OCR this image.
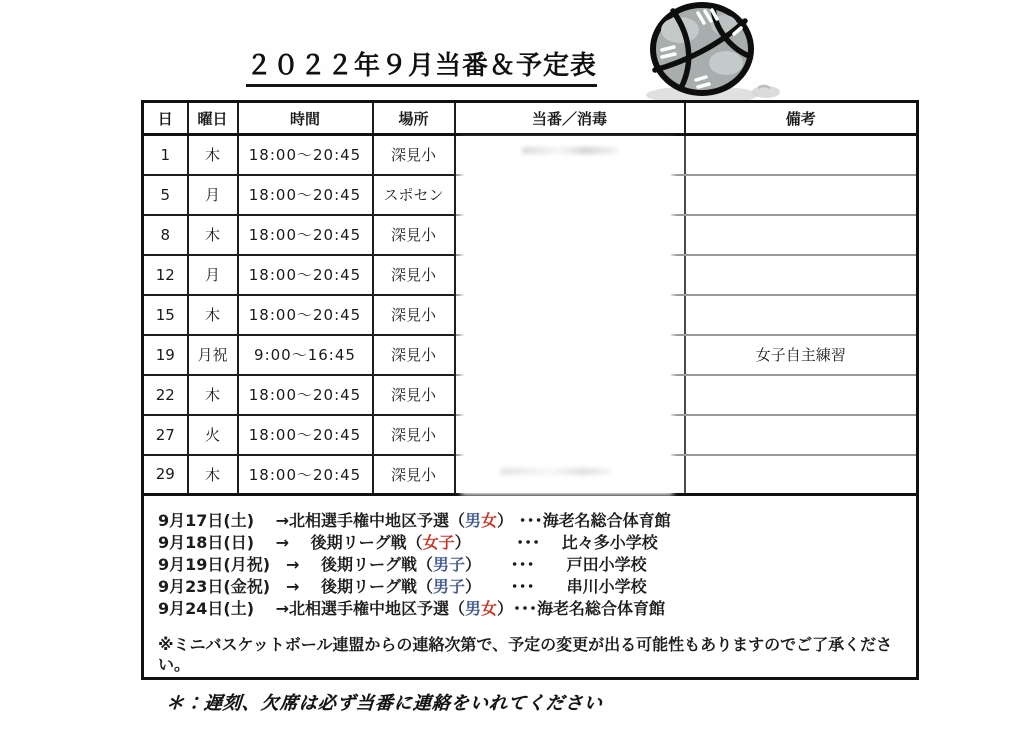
２０２２年９月当番＆予定表
日	曜日	時間	場所	当番／消毒	備考
1	木	18:00～20:45	深見小		
5	月	18:00～20:45	スポセン		
8	木	18:00～20:45	深見小		
12	月	18:00～20:45	深見小		
15	木	18:00～20:45	深見小		
19	月祝	9:00～16:45	深見小		女子自主練習
22	木	18:00～20:45	深見小		
27	火	18:00～20:45	深見小		
29	木	18:00～20:45	深見小		

9月17日(土)　 →北相選手権中地区予選（男女） ･･･海老名総合体育館
9月18日(日)　 →　 後期リーグ戦（女子）　　　 ･･･　 比々多小学校
9月19日(月祝)　→　 後期リーグ戦（男子）　　 ･･･　　戸田小学校
9月23日(金祝)　→　 後期リーグ戦（男子）　　 ･･･　　串川小学校
9月24日(土)　 →北相選手権中地区予選（男女）･･･海老名総合体育館
※ミニバスケットボール連盟からの連絡次第で、予定の変更が出る可能性もありますのでご了承ください。
＊：遅刻、欠席は必ず当番に連絡をいれてください
